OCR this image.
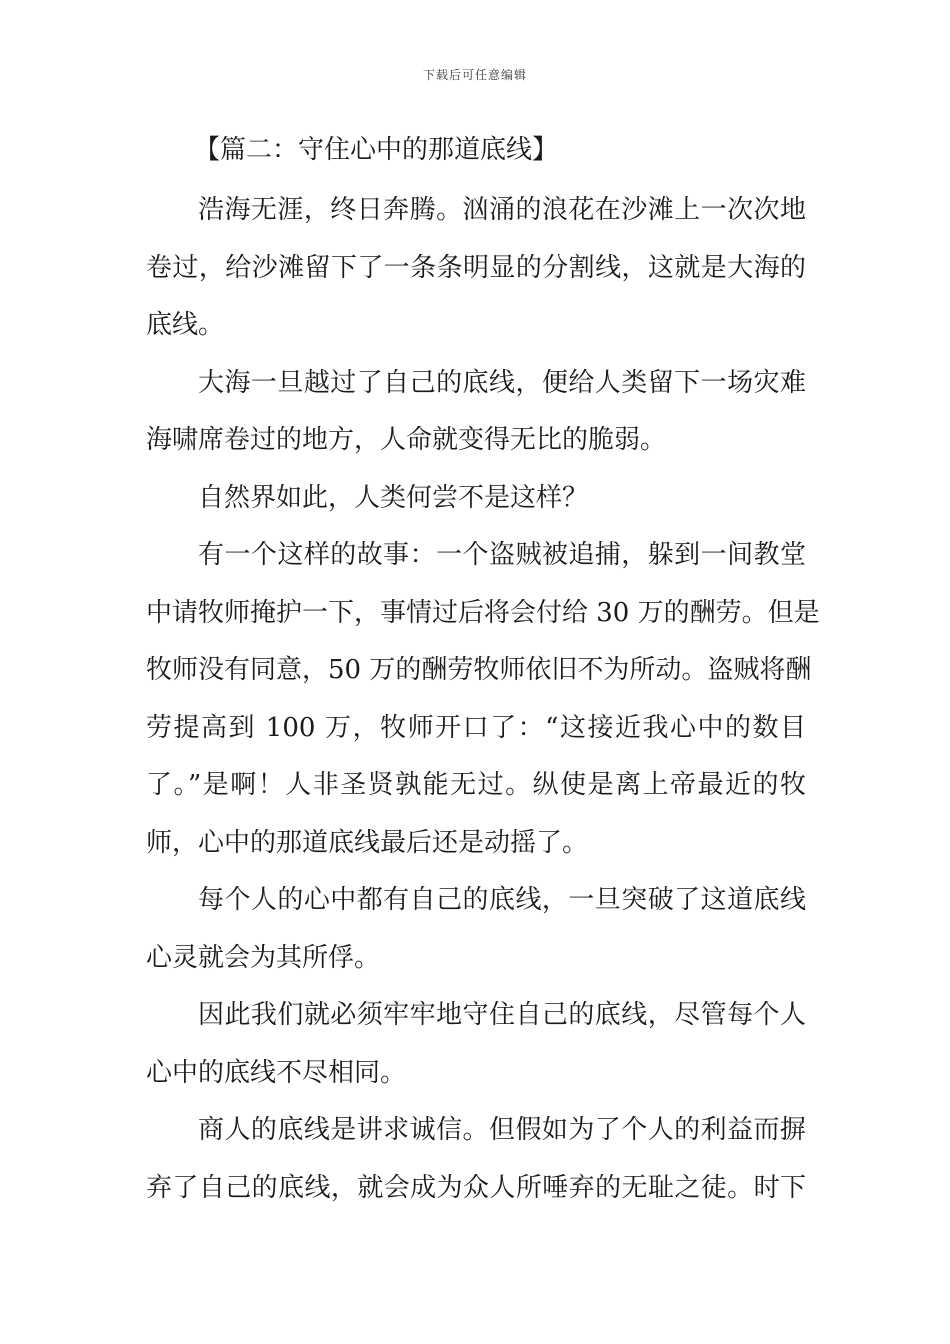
下载后可任意编辑
【篇二：守住心中的那道底线】
浩海无涯，终日奔腾。汹涌的浪花在沙滩上一次次地
卷过，给沙滩留下了一条条明显的分割线，这就是大海的
底线。
大海一旦越过了自己的底线，便给人类留下一场灾难
海啸席卷过的地方，人命就变得无比的脆弱。
自然界如此，人类何尝不是这样？
有一个这样的故事：一个盗贼被追捕，躲到一间教堂
中请牧师掩护一下，事情过后将会付给 30 万的酬劳。但是
牧师没有同意，50 万的酬劳牧师依旧不为所动。盗贼将酬
劳提高到 100 万，牧师开口了：“这接近我心中的数目
了。”是啊！人非圣贤孰能无过。纵使是离上帝最近的牧
师，心中的那道底线最后还是动摇了。
每个人的心中都有自己的底线，一旦突破了这道底线
心灵就会为其所俘。
因此我们就必须牢牢地守住自己的底线，尽管每个人
心中的底线不尽相同。
商人的底线是讲求诚信。但假如为了个人的利益而摒
弃了自己的底线，就会成为众人所唾弃的无耻之徒。时下
